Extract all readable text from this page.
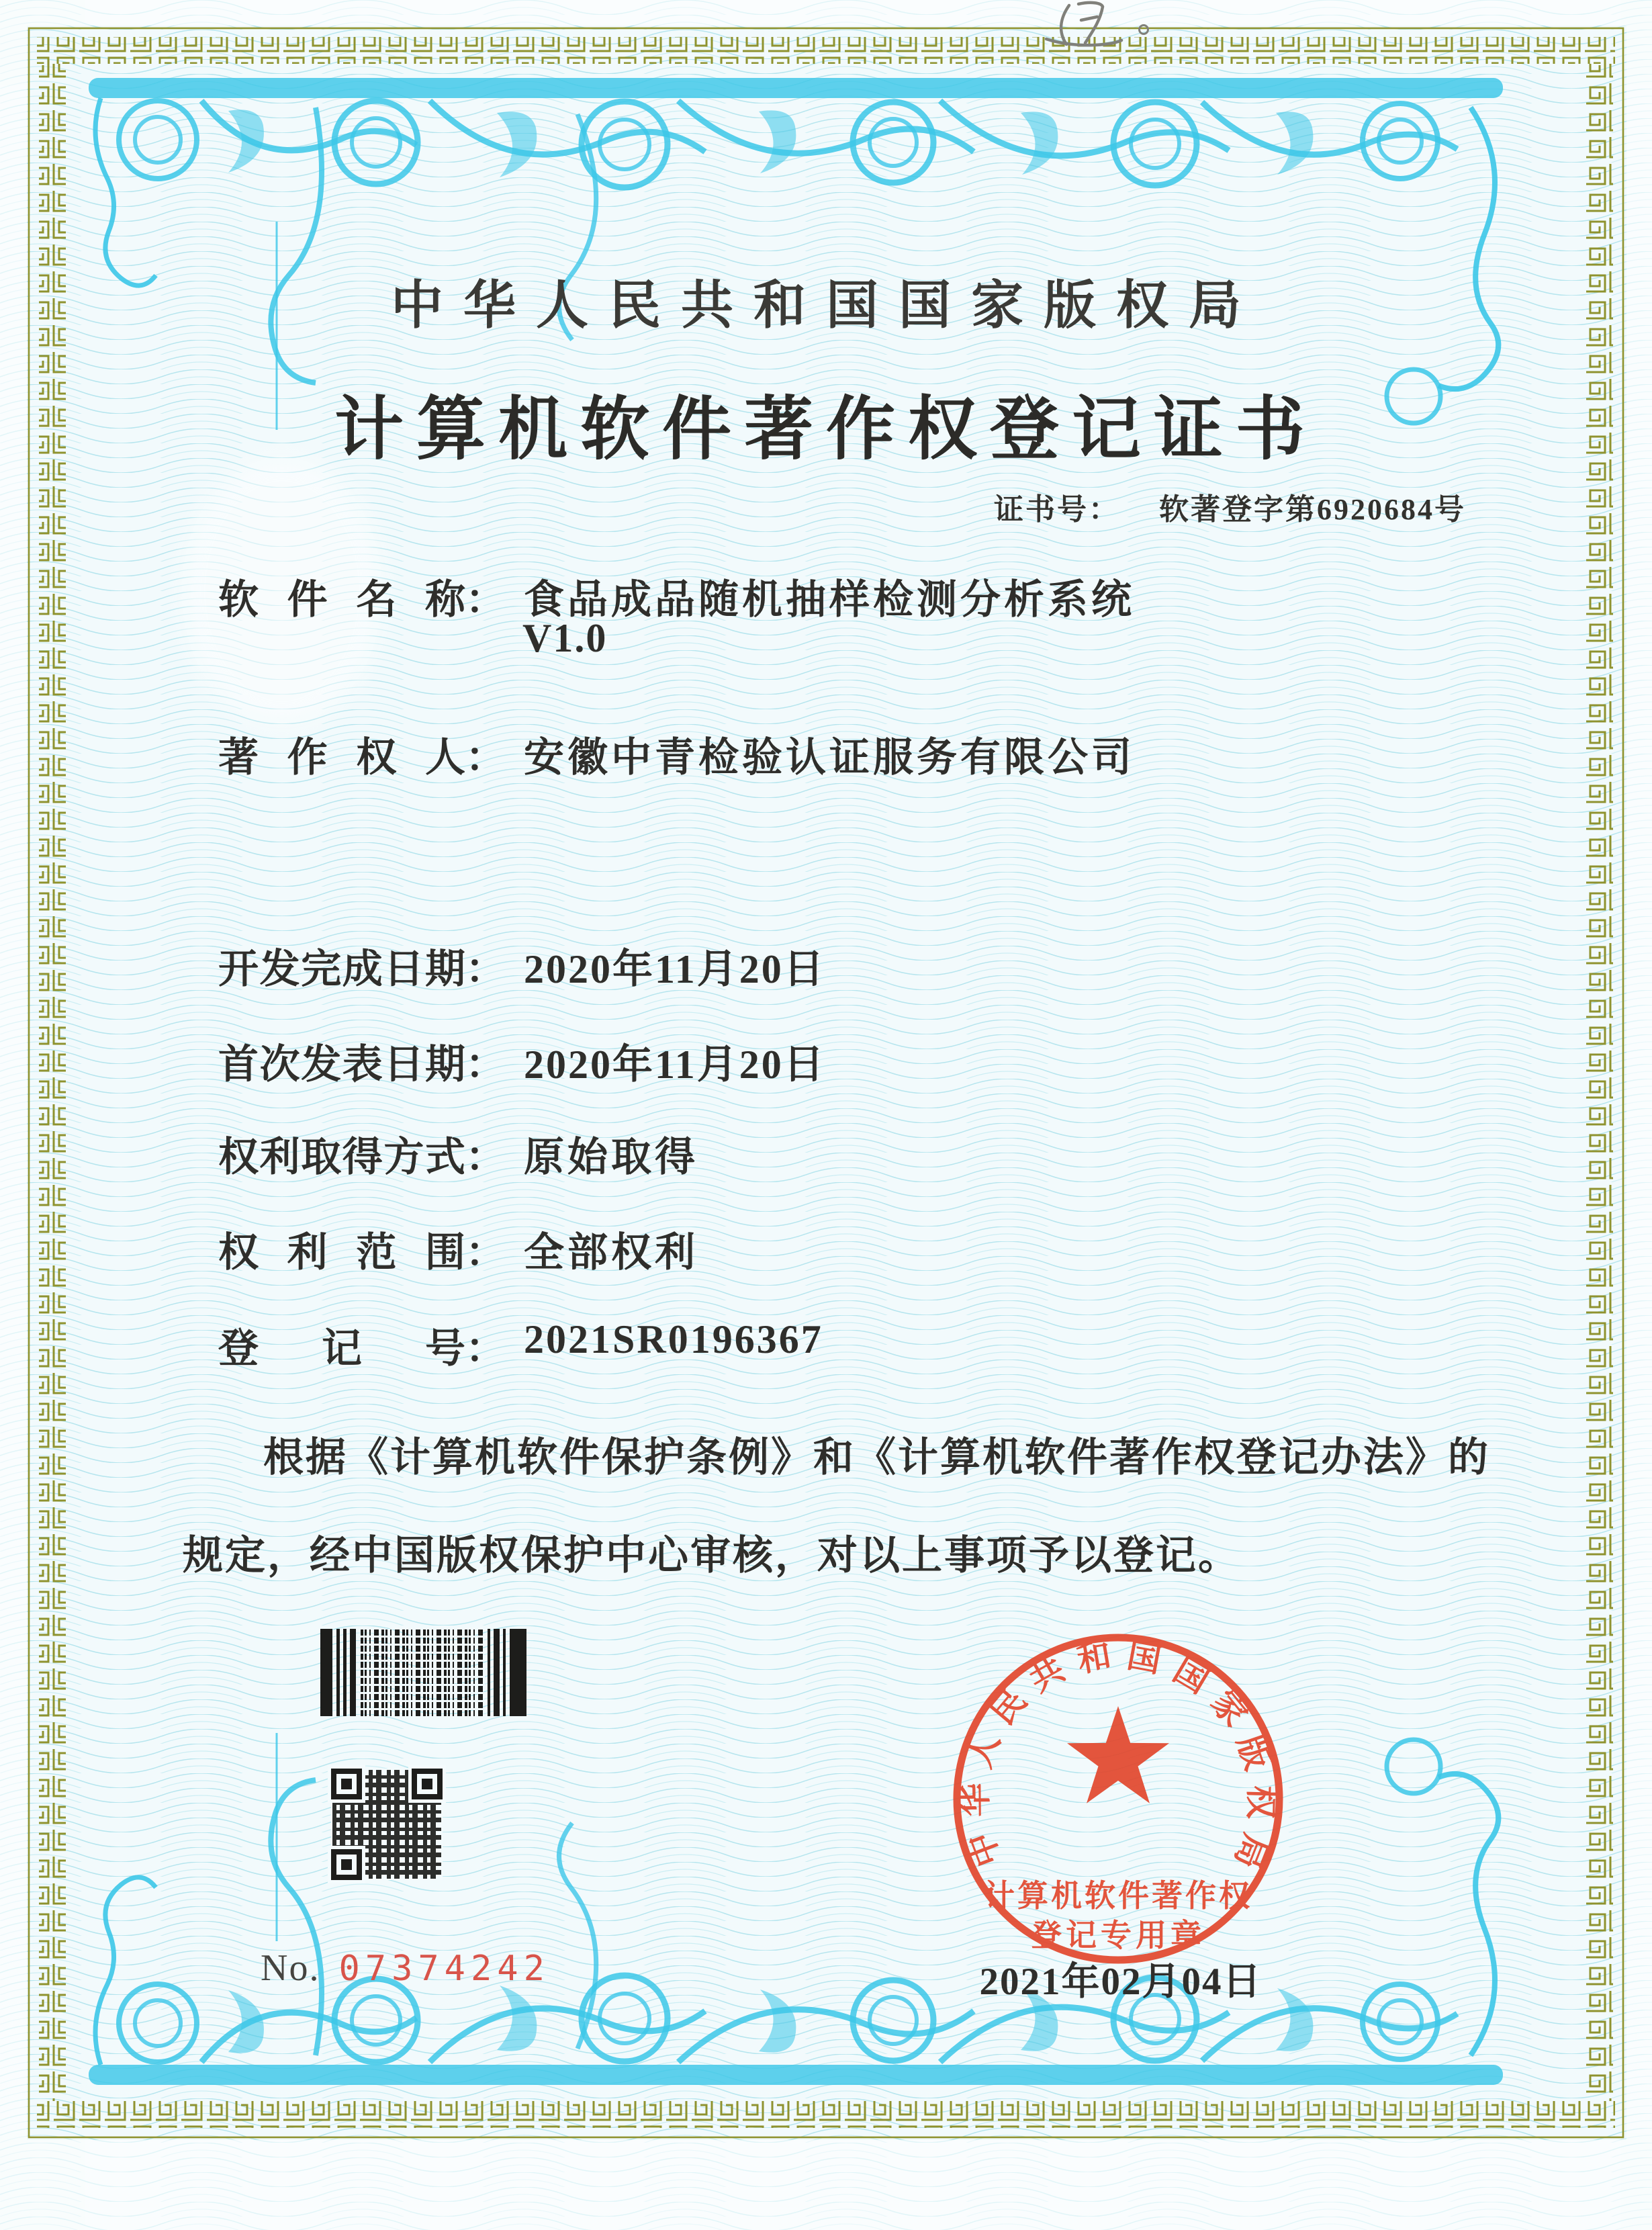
中华人民共和国国家版权局
计算机软件著作权登记证书
证书号： 软著登字第6920684号
软 件 名 称 ： 食品成品随机抽样检测分析系统
V1.0
著 作 权 人 ： 安徽中青检验认证服务有限公司
开 发 完 成 日 期 ： 2020年11月20日
首 次 发 表 日 期 ： 2020年11月20日
权 利 取 得 方 式 ： 原始取得
权 利 范 围 ： 全部权利
登 记 号 ： 2021SR0196367
根据《计算机软件保护条例》和《计算机软件著作权登记办法》的
规定，经中国版权保护中心审核，对以上事项予以登记。
No. 07374242	2021年02月04日
中华人民共和国国家版权局
计算机软件著作权
登记专用章
